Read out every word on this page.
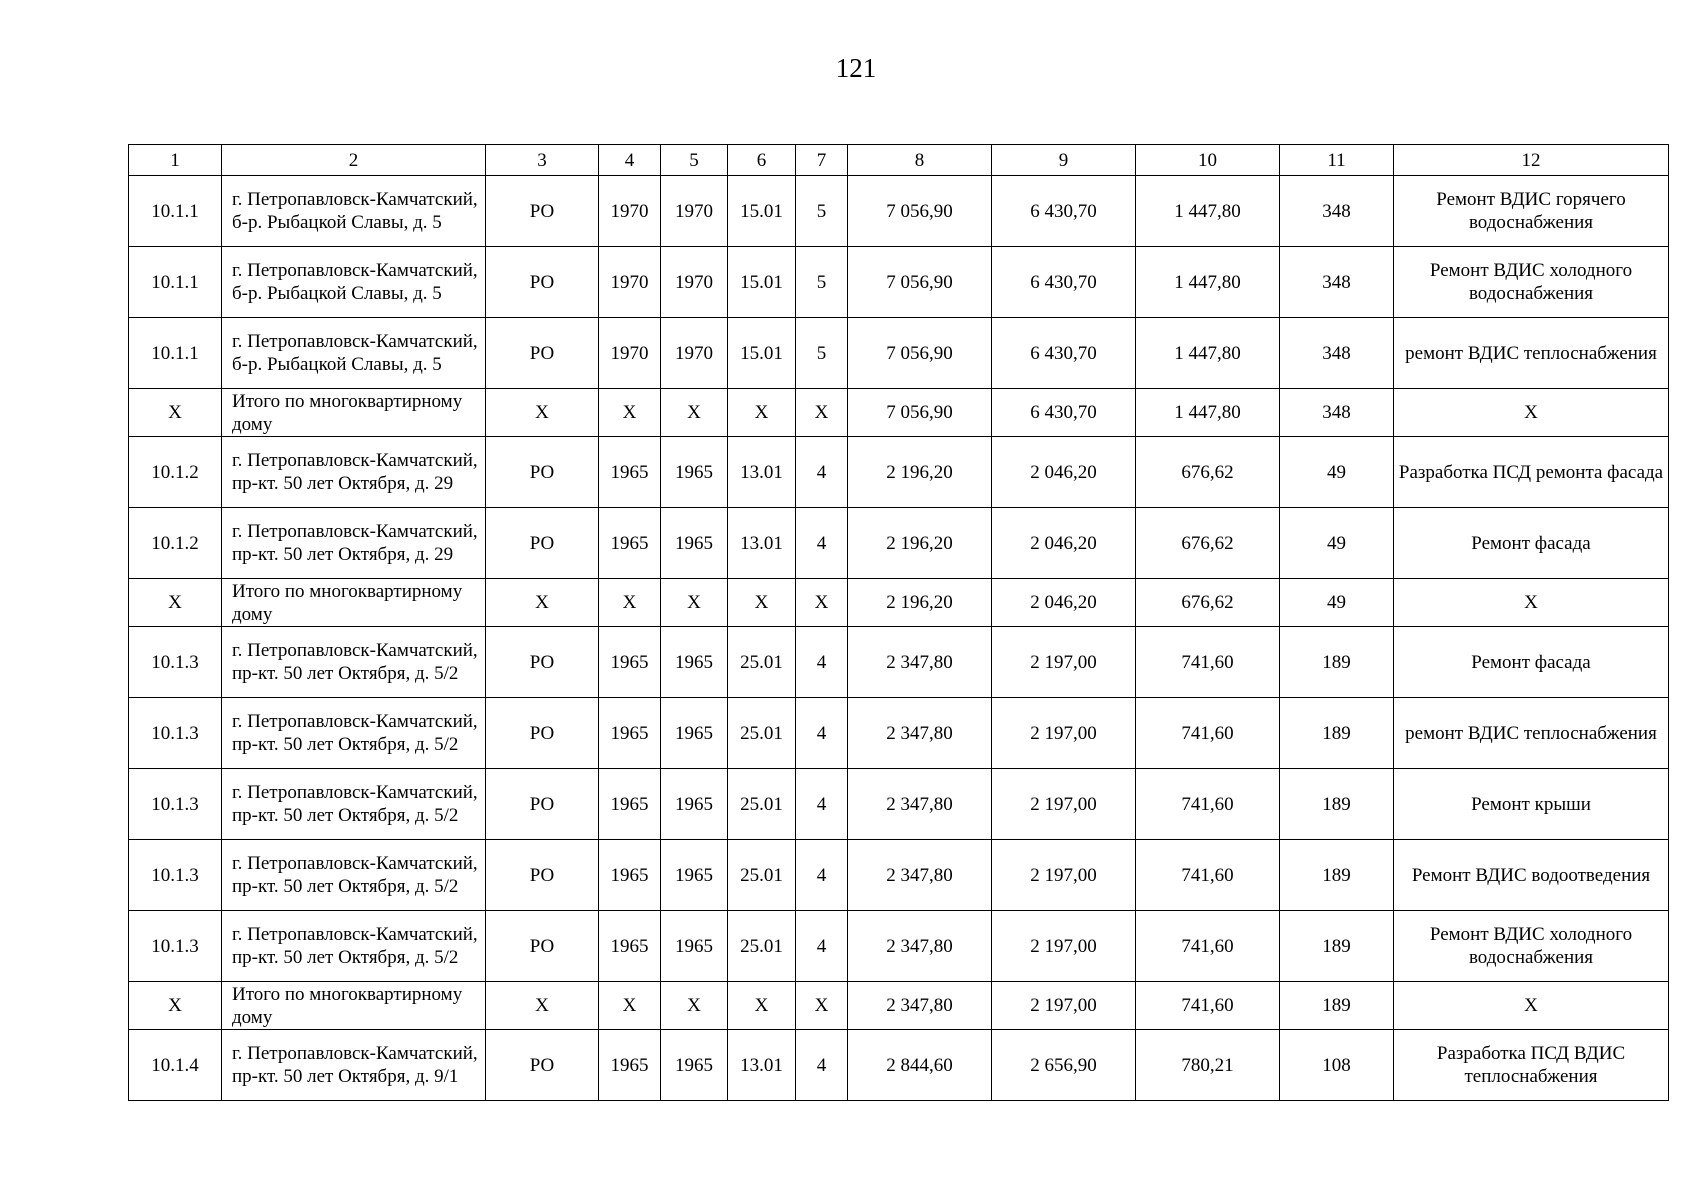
121
1	2	3	4	5	6	7	8	9	10	11	12
10.1.1	г. Петропавловск-Камчатский, б-р. Рыбацкой Славы, д. 5	РО	1970	1970	15.01	5	7 056,90	6 430,70	1 447,80	348	Ремонт ВДИС горячего водоснабжения
10.1.1	г. Петропавловск-Камчатский, б-р. Рыбацкой Славы, д. 5	РО	1970	1970	15.01	5	7 056,90	6 430,70	1 447,80	348	Ремонт ВДИС холодного водоснабжения
10.1.1	г. Петропавловск-Камчатский, б-р. Рыбацкой Славы, д. 5	РО	1970	1970	15.01	5	7 056,90	6 430,70	1 447,80	348	ремонт ВДИС теплоснабжения
X	Итого по многоквартирному дому	X	X	X	X	X	7 056,90	6 430,70	1 447,80	348	X
10.1.2	г. Петропавловск-Камчатский, пр-кт. 50 лет Октября, д. 29	РО	1965	1965	13.01	4	2 196,20	2 046,20	676,62	49	Разработка ПСД ремонта фасада
10.1.2	г. Петропавловск-Камчатский, пр-кт. 50 лет Октября, д. 29	РО	1965	1965	13.01	4	2 196,20	2 046,20	676,62	49	Ремонт фасада
X	Итого по многоквартирному дому	X	X	X	X	X	2 196,20	2 046,20	676,62	49	X
10.1.3	г. Петропавловск-Камчатский, пр-кт. 50 лет Октября, д. 5/2	РО	1965	1965	25.01	4	2 347,80	2 197,00	741,60	189	Ремонт фасада
10.1.3	г. Петропавловск-Камчатский, пр-кт. 50 лет Октября, д. 5/2	РО	1965	1965	25.01	4	2 347,80	2 197,00	741,60	189	ремонт ВДИС теплоснабжения
10.1.3	г. Петропавловск-Камчатский, пр-кт. 50 лет Октября, д. 5/2	РО	1965	1965	25.01	4	2 347,80	2 197,00	741,60	189	Ремонт крыши
10.1.3	г. Петропавловск-Камчатский, пр-кт. 50 лет Октября, д. 5/2	РО	1965	1965	25.01	4	2 347,80	2 197,00	741,60	189	Ремонт ВДИС водоотведения
10.1.3	г. Петропавловск-Камчатский, пр-кт. 50 лет Октября, д. 5/2	РО	1965	1965	25.01	4	2 347,80	2 197,00	741,60	189	Ремонт ВДИС холодного водоснабжения
X	Итого по многоквартирному дому	X	X	X	X	X	2 347,80	2 197,00	741,60	189	X
10.1.4	г. Петропавловск-Камчатский, пр-кт. 50 лет Октября, д. 9/1	РО	1965	1965	13.01	4	2 844,60	2 656,90	780,21	108	Разработка ПСД ВДИС теплоснабжения
